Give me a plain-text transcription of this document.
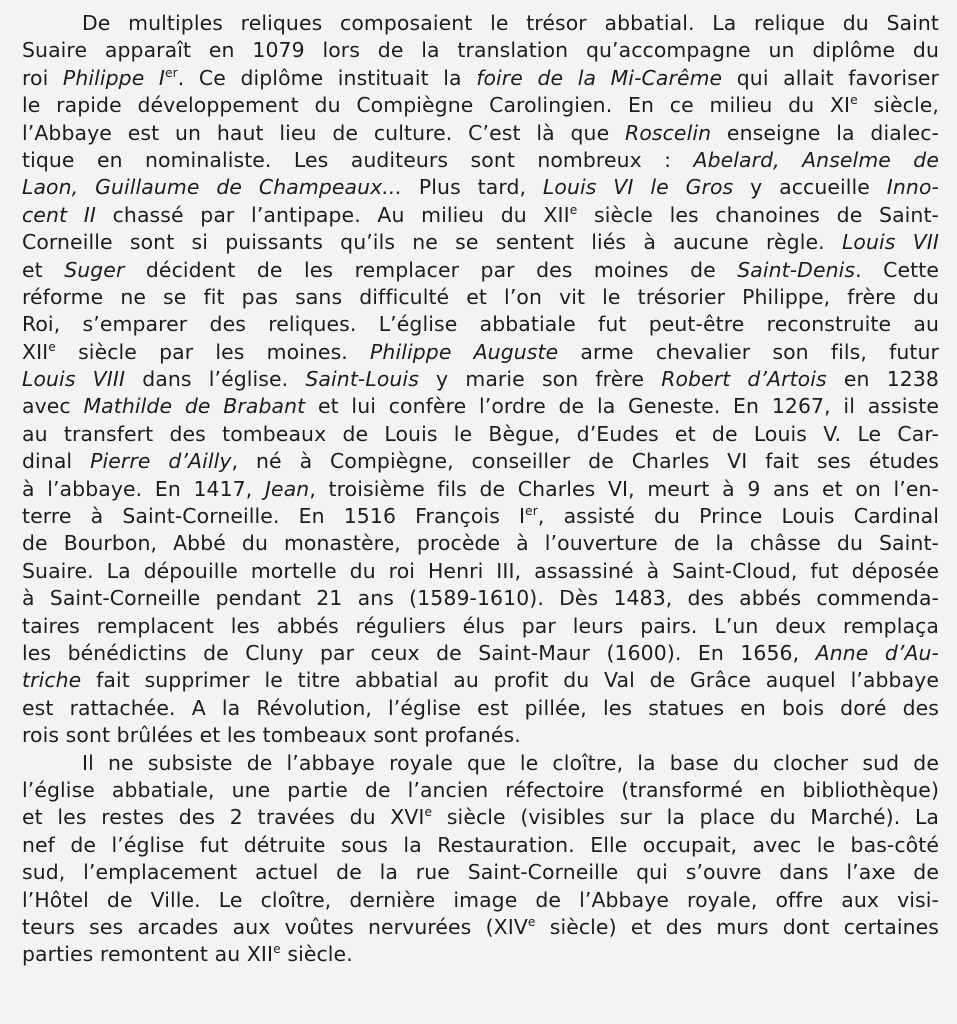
De multiples reliques composaient le trésor abbatial. La relique du Saint
Suaire apparaît en 1079 lors de la translation qu’accompagne un diplôme du
roi Philippe Ier. Ce diplôme instituait la foire de la Mi-Carême qui allait favoriser
le rapide développement du Compiègne Carolingien. En ce milieu du XIe siècle,
l’Abbaye est un haut lieu de culture. C’est là que Roscelin enseigne la dialec-
tique en nominaliste. Les auditeurs sont nombreux : Abelard, Anselme de
Laon, Guillaume de Champeaux... Plus tard, Louis VI le Gros y accueille Inno-
cent II chassé par l’antipape. Au milieu du XIIe siècle les chanoines de Saint-
Corneille sont si puissants qu’ils ne se sentent liés à aucune règle. Louis VII
et Suger décident de les remplacer par des moines de Saint-Denis. Cette
réforme ne se fit pas sans difficulté et l’on vit le trésorier Philippe, frère du
Roi, s’emparer des reliques. L’église abbatiale fut peut-être reconstruite au
XIIe siècle par les moines. Philippe Auguste arme chevalier son fils, futur
Louis VIII dans l’église. Saint-Louis y marie son frère Robert d’Artois en 1238
avec Mathilde de Brabant et lui confère l’ordre de la Geneste. En 1267, il assiste
au transfert des tombeaux de Louis le Bègue, d’Eudes et de Louis V. Le Car-
dinal Pierre d’Ailly, né à Compiègne, conseiller de Charles VI fait ses études
à l’abbaye. En 1417, Jean, troisième fils de Charles VI, meurt à 9 ans et on l’en-
terre à Saint-Corneille. En 1516 François Ier, assisté du Prince Louis Cardinal
de Bourbon, Abbé du monastère, procède à l’ouverture de la châsse du Saint-
Suaire. La dépouille mortelle du roi Henri III, assassiné à Saint-Cloud, fut déposée
à Saint-Corneille pendant 21 ans (1589-1610). Dès 1483, des abbés commenda-
taires remplacent les abbés réguliers élus par leurs pairs. L’un deux remplaça
les bénédictins de Cluny par ceux de Saint-Maur (1600). En 1656, Anne d’Au-
triche fait supprimer le titre abbatial au profit du Val de Grâce auquel l’abbaye
est rattachée. A la Révolution, l’église est pillée, les statues en bois doré des
rois sont brûlées et les tombeaux sont profanés.
Il ne subsiste de l’abbaye royale que le cloître, la base du clocher sud de
l’église abbatiale, une partie de l’ancien réfectoire (transformé en bibliothèque)
et les restes des 2 travées du XVIe siècle (visibles sur la place du Marché). La
nef de l’église fut détruite sous la Restauration. Elle occupait, avec le bas-côté
sud, l’emplacement actuel de la rue Saint-Corneille qui s’ouvre dans l’axe de
l’Hôtel de Ville. Le cloître, dernière image de l’Abbaye royale, offre aux visi-
teurs ses arcades aux voûtes nervurées (XIVe siècle) et des murs dont certaines
parties remontent au XIIe siècle.
